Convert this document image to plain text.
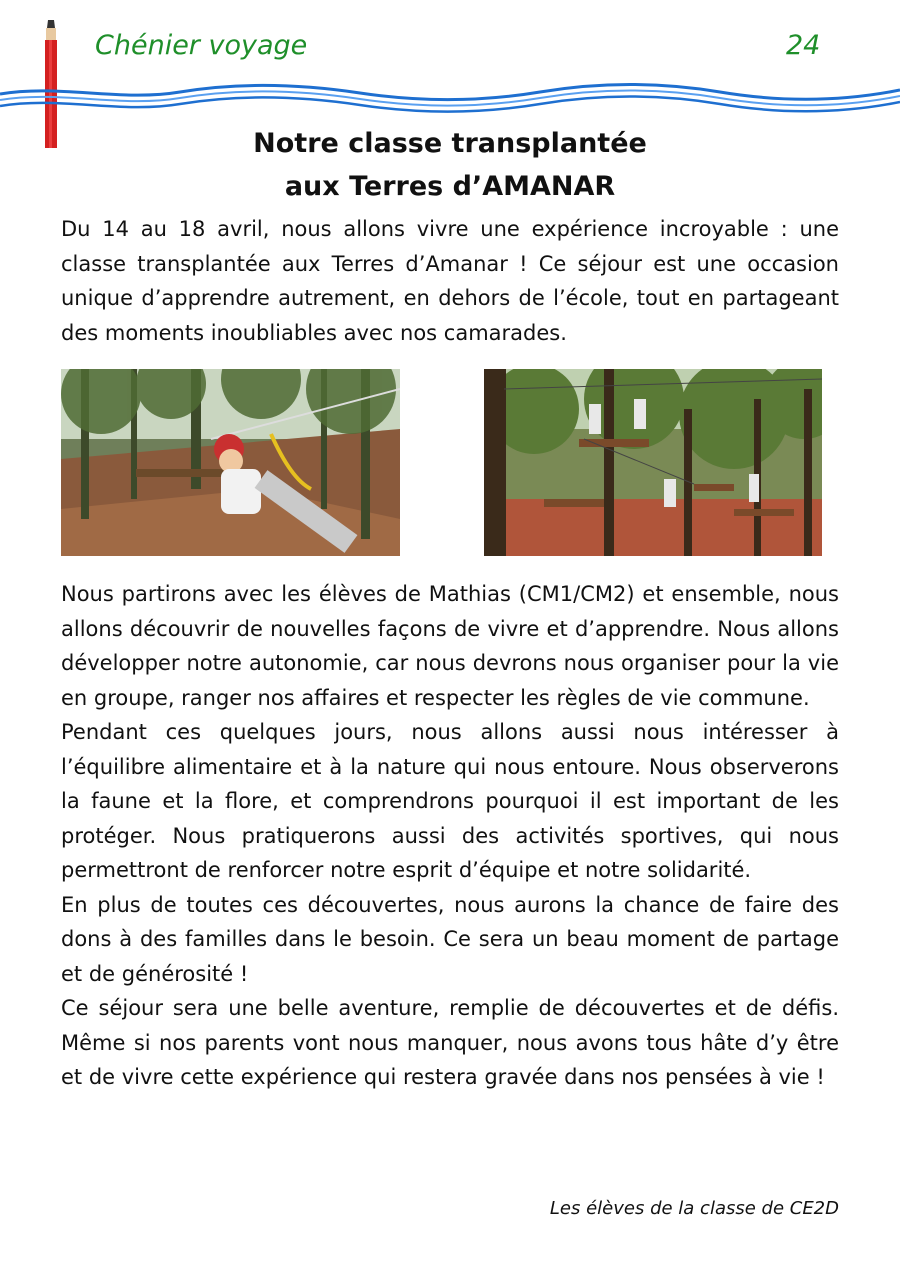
Chénier voyage	24
Notre classe transplantée
aux Terres d’AMANAR

Du 14 au 18 avril, nous allons vivre une expérience incroyable : une classe transplantée aux Terres d’Amanar ! Ce séjour est une occasion unique d’apprendre autrement, en dehors de l’école, tout en partageant des moments inoubliables avec nos camarades.

Nous partirons avec les élèves de Mathias (CM1/CM2) et ensemble, nous allons découvrir de nouvelles façons de vivre et d’apprendre. Nous allons développer notre autonomie, car nous devrons nous organiser pour la vie en groupe, ranger nos affaires et respecter les règles de vie commune.

Pendant ces quelques jours, nous allons aussi nous intéresser à l’équilibre alimentaire et à la nature qui nous entoure. Nous observerons la faune et la flore, et comprendrons pourquoi il est important de les protéger. Nous pratiquerons aussi des activités sportives, qui nous permettront de renforcer notre esprit d’équipe et notre solidarité.

En plus de toutes ces découvertes, nous aurons la chance de faire des dons à des familles dans le besoin. Ce sera un beau moment de partage et de générosité !

Ce séjour sera une belle aventure, remplie de découvertes et de défis. Même si nos parents vont nous manquer, nous avons tous hâte d’y être et de vivre cette expérience qui restera gravée dans nos pensées à vie !

Les élèves de la classe de CE2D
